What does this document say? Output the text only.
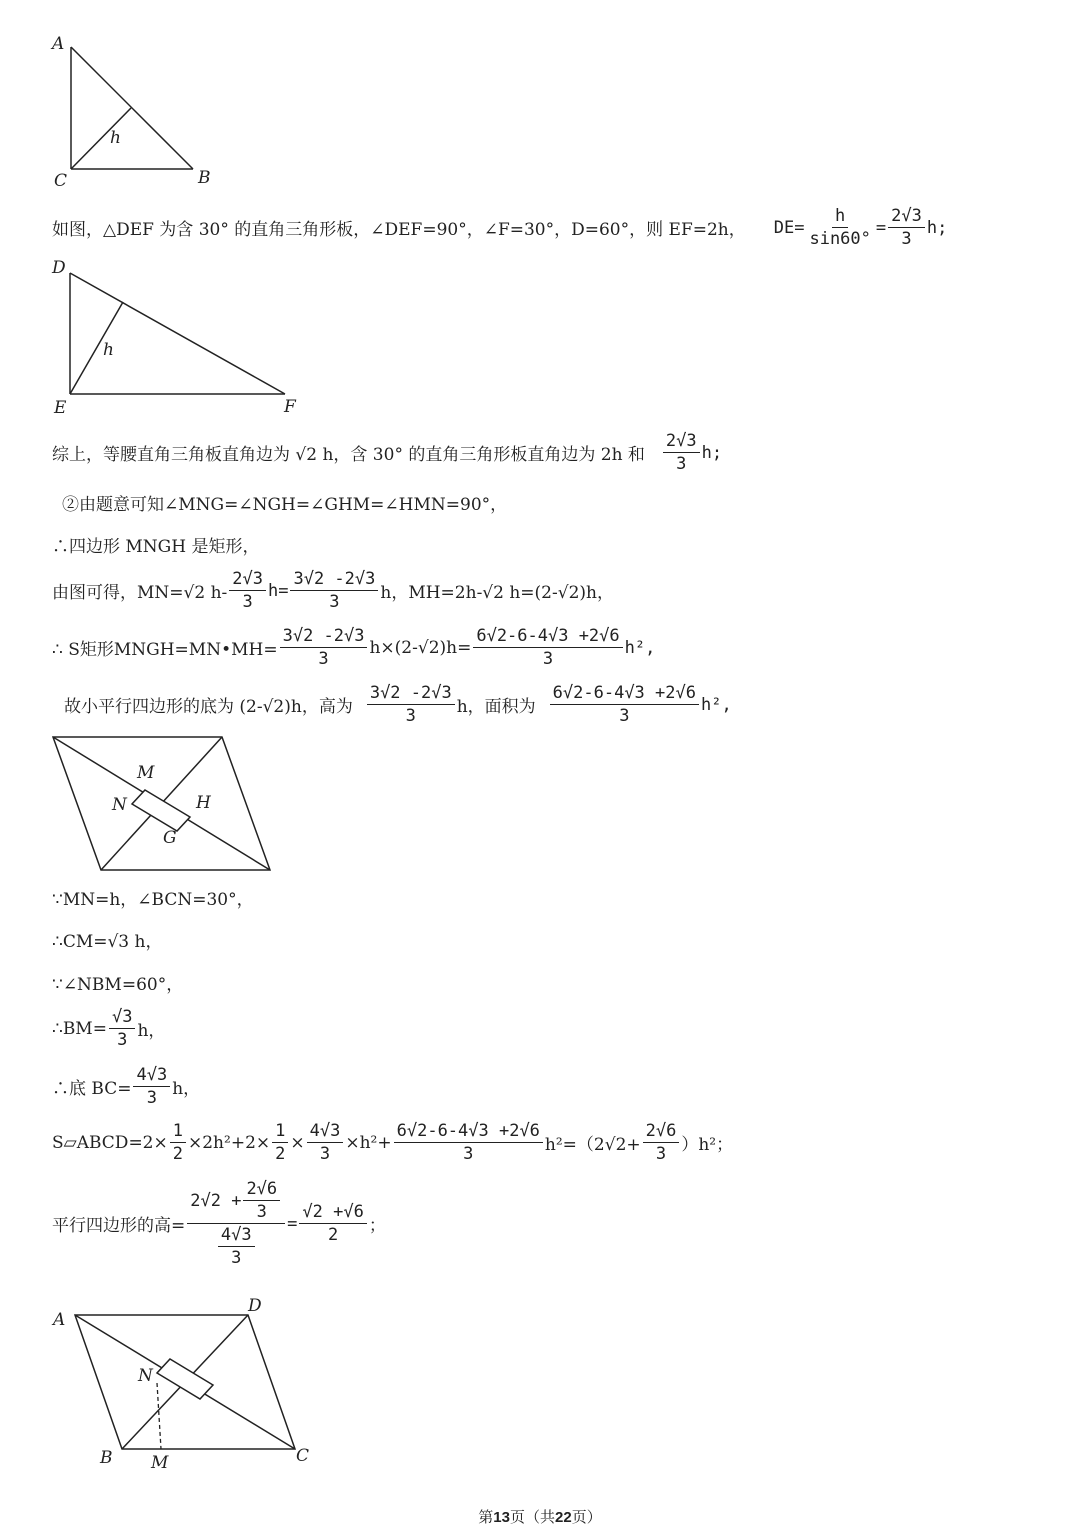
A
C	B
h
如图，△DEF 为含 30° 的直角三角形板，∠DEF=90°，∠F=30°，D=60°，则 EF=2h， $DE= \frac{h}{\sin 60^\circ} = \frac{2√3}{3} h$;
D
E	F
h
综上，等腰直角三角板直角边为 √2 h，含 30° 的直角三角形板直角边为 2h 和 $\frac{2√3}{3} h$;
②由题意可知∠MNG=∠NGH=∠GHM=∠HMN=90°，
∴四边形 MNGH 是矩形，
由图可得，MN=√2 $h- \frac{2√3}{3} h= \frac{3√2 -2√3}{3}$ h，MH=2h-√2 h=(2-√2)h，
∴ S矩形MNGH=MN•MH= $\frac{3√2 -2√3}{3} h\times(2-√2)h= \frac{6√2-6-4√3 +2√6}{3} h^2$,
故小平行四边形的底为 (2-√2)h，高为 $\frac{3√2 -2√3}{3}$ h，面积为 $\frac{6√2-6-4√3 +2√6}{3} h^2$,
M
N	H
G
∵MN=h，∠BCN=30°，
∴CM=√3 h，
∵∠NBM=60°，
∴BM= $\frac{√3}{3}$ h，
∴底 $BC= \frac{4√3}{3}$ h，
S▱ABCD=2× $\frac{1}{2} \times 2h^2+2\times \frac{1}{2} \times \frac{4√3}{3} \times h^2+ \frac{6√2-6-4√3 +2√6}{3} h^2=(2√2+ \frac{2√6}{3} )h^2$；
平行四边形的高= $\frac{2√2 + \frac{2√6}{3}}{\frac{4√3}{3}} = \frac{√2 +√6}{2}$ ；
A
D
N
B M	C
第13页（共22页）
